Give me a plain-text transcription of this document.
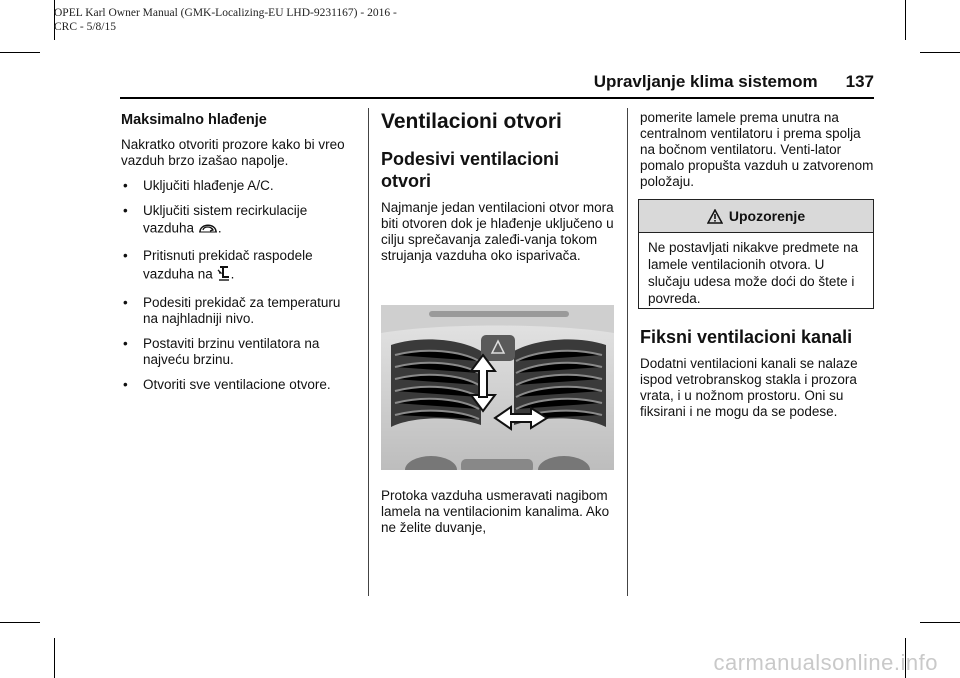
OPEL Karl Owner Manual (GMK-Localizing-EU LHD-9231167) - 2016 -
CRC - 5/8/15
Upravljanje klima sistemom 137

Maksimalno hlađenje

Nakratko otvoriti prozore kako bi vreo vazduh brzo izašao napolje.

• Uključiti hlađenje A/C.
• Uključiti sistem recirkulacije vazduha .
• Pritisnuti prekidač raspodele vazduha na .
• Podesiti prekidač za temperaturu na najhladniji nivo.
• Postaviti brzinu ventilatora na najveću brzinu.
• Otvoriti sve ventilacione otvore.

Ventilacioni otvori

Podesivi ventilacioni otvori

Najmanje jedan ventilacioni otvor mora biti otvoren dok je hlađenje uključeno u cilju sprečavanja zaleđi-vanja tokom strujanja vazduha oko isparivača.

Protoka vazduha usmeravati nagibom lamela na ventilacionim kanalima. Ako ne želite duvanje,

pomerite lamele prema unutra na centralnom ventilatoru i prema spolja na bočnom ventilatoru. Venti-lator pomalo propušta vazduh u zatvorenom položaju.

Upozorenje
Ne postavljati nikakve predmete na lamele ventilacionih otvora. U slučaju udesa može doći do štete i povreda.

Fiksni ventilacioni kanali

Dodatni ventilacioni kanali se nalaze ispod vetrobranskog stakla i prozora vrata, i u nožnom prostoru. Oni su fiksirani i ne mogu da se podese.

carmanualsonline.info
